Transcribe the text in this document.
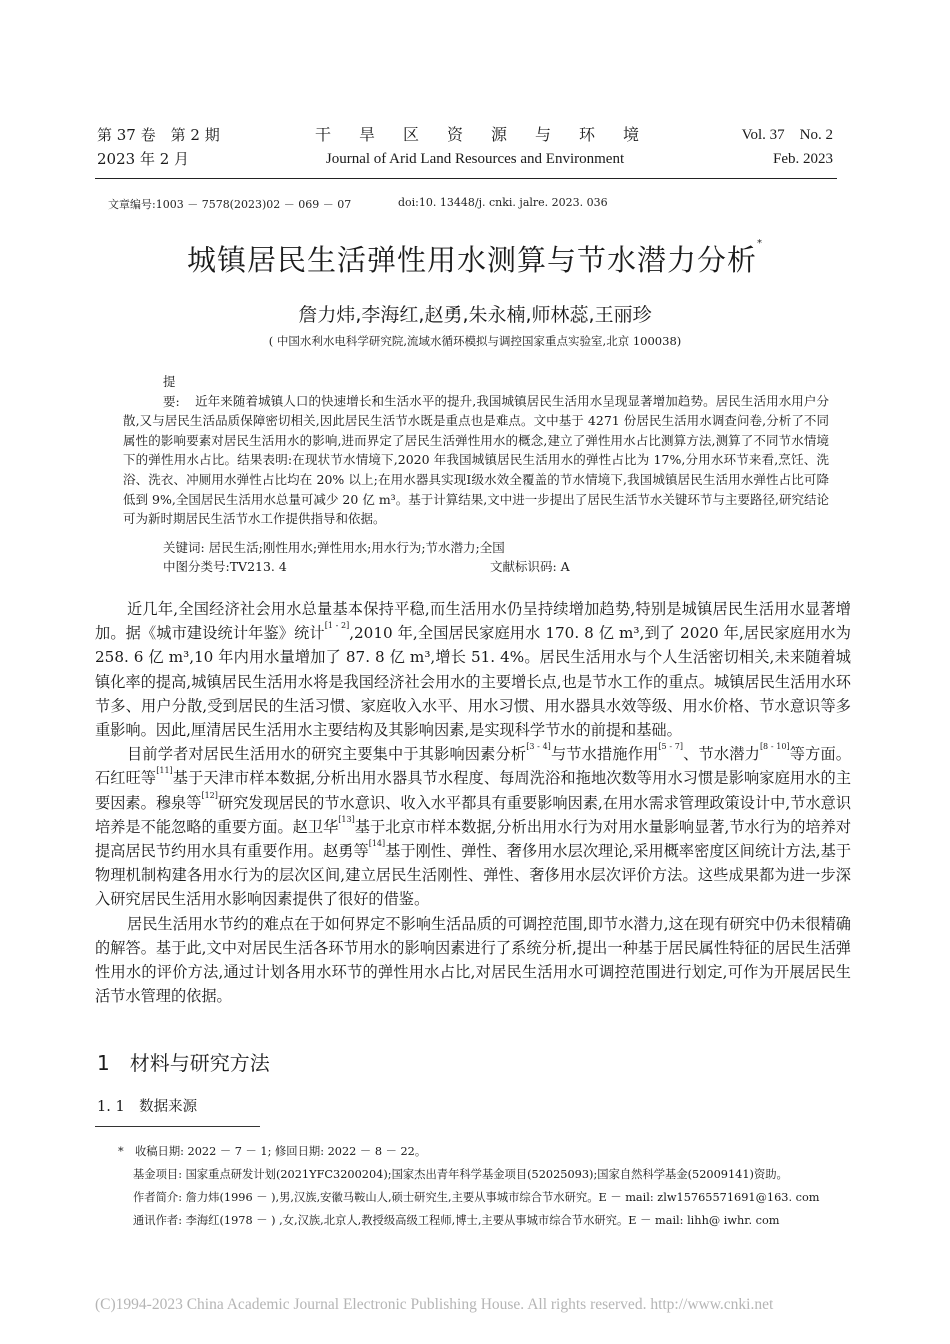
第 37 卷　第 2 期
2023 年 2 月
干　旱　区　资　源　与　环　境
Journal of Arid Land Resources and Environment
Vol. 37　No. 2
Feb. 2023
文章编号:1003 － 7578(2023)02 － 069 － 07	doi:10. 13448/j. cnki. jalre. 2023. 036
城镇居民生活弹性用水测算与节水潜力分析*
詹力炜,李海红,赵勇,朱永楠,师林蕊,王丽珍
( 中国水利水电科学研究院,流域水循环模拟与调控国家重点实验室,北京 100038)
提　要: 近年来随着城镇人口的快速增长和生活水平的提升,我国城镇居民生活用水呈现显著增加趋势。居民生活用水用户分散,又与居民生活品质保障密切相关,因此居民生活节水既是重点也是难点。文中基于 4271 份居民生活用水调查问卷,分析了不同属性的影响要素对居民生活用水的影响,进而界定了居民生活弹性用水的概念,建立了弹性用水占比测算方法,测算了不同节水情境下的弹性用水占比。结果表明:在现状节水情境下,2020 年我国城镇居民生活用水的弹性占比为 17%,分用水环节来看,烹饪、洗浴、洗衣、冲厕用水弹性占比均在 20% 以上;在用水器具实现Ⅰ级水效全覆盖的节水情境下,我国城镇居民生活用水弹性占比可降低到 9%,全国居民生活用水总量可减少 20 亿 m³。基于计算结果,文中进一步提出了居民生活节水关键环节与主要路径,研究结论可为新时期居民生活节水工作提供指导和依据。
关键词: 居民生活;刚性用水;弹性用水;用水行为;节水潜力;全国
中图分类号:TV213. 4	文献标识码: A

近几年,全国经济社会用水总量基本保持平稳,而生活用水仍呈持续增加趋势,特别是城镇居民生活用水显著增加。据《城市建设统计年鉴》统计[1 - 2],2010 年,全国居民家庭用水 170. 8 亿 m³,到了 2020 年,居民家庭用水为 258. 6 亿 m³,10 年内用水量增加了 87. 8 亿 m³,增长 51. 4%。居民生活用水与个人生活密切相关,未来随着城镇化率的提高,城镇居民生活用水将是我国经济社会用水的主要增长点,也是节水工作的重点。城镇居民生活用水环节多、用户分散,受到居民的生活习惯、家庭收入水平、用水习惯、用水器具水效等级、用水价格、节水意识等多重影响。因此,厘清居民生活用水主要结构及其影响因素,是实现科学节水的前提和基础。

目前学者对居民生活用水的研究主要集中于其影响因素分析[3 - 4]与节水措施作用[5 - 7]、节水潜力[8 - 10]等方面。石红旺等[11]基于天津市样本数据,分析出用水器具节水程度、每周洗浴和拖地次数等用水习惯是影响家庭用水的主要因素。穆泉等[12]研究发现居民的节水意识、收入水平都具有重要影响因素,在用水需求管理政策设计中,节水意识培养是不能忽略的重要方面。赵卫华[13]基于北京市样本数据,分析出用水行为对用水量影响显著,节水行为的培养对提高居民节约用水具有重要作用。赵勇等[14]基于刚性、弹性、奢侈用水层次理论,采用概率密度区间统计方法,基于物理机制构建各用水行为的层次区间,建立居民生活刚性、弹性、奢侈用水层次评价方法。这些成果都为进一步深入研究居民生活用水影响因素提供了很好的借鉴。

居民生活用水节约的难点在于如何界定不影响生活品质的可调控范围,即节水潜力,这在现有研究中仍未很精确的解答。基于此,文中对居民生活各环节用水的影响因素进行了系统分析,提出一种基于居民属性特征的居民生活弹性用水的评价方法,通过计划各用水环节的弹性用水占比,对居民生活用水可调控范围进行划定,可作为开展居民生活节水管理的依据。

1　材料与研究方法
1. 1　数据来源
*　收稿日期: 2022 － 7 － 1; 修回日期: 2022 － 8 － 22。
基金项目: 国家重点研发计划(2021YFC3200204);国家杰出青年科学基金项目(52025093);国家自然科学基金(52009141)资助。
作者简介: 詹力炜(1996 － ),男,汉族,安徽马鞍山人,硕士研究生,主要从事城市综合节水研究。E － mail: zlw15765571691@163. com
通讯作者: 李海红(1978 － ) ,女,汉族,北京人,教授级高级工程师,博士,主要从事城市综合节水研究。E － mail: lihh@ iwhr. com
(C)1994-2023 China Academic Journal Electronic Publishing House. All rights reserved. http://www.cnki.net
